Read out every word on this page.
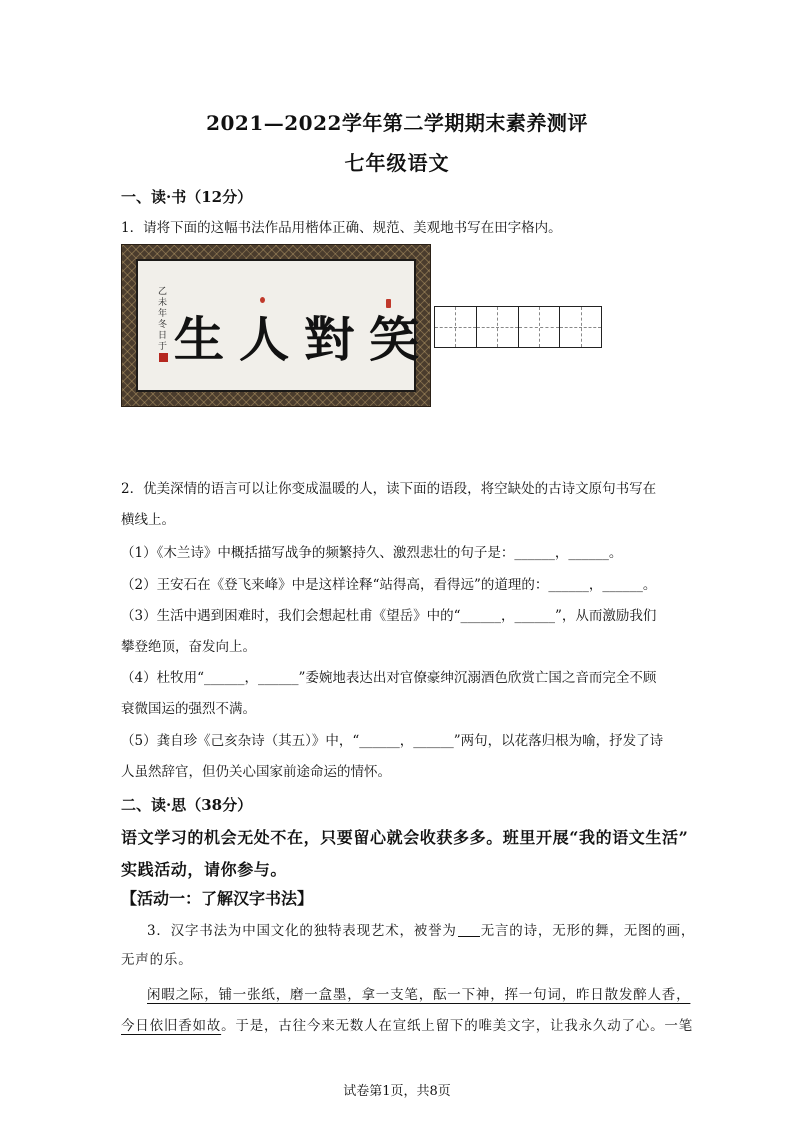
2021—2022学年第二学期期末素养测评
七年级语文
一、读·书（12分）
1．请将下面的这幅书法作品用楷体正确、规范、美观地书写在田字格内。
乙未年冬日于 生人對笑
2．优美深情的语言可以让你变成温暖的人，读下面的语段，将空缺处的古诗文原句书写在
横线上。
（1）《木兰诗》中概括描写战争的频繁持久、激烈悲壮的句子是：______，______。
（2）王安石在《登飞来峰》中是这样诠释“站得高，看得远”的道理的：______，______。
（3）生活中遇到困难时，我们会想起杜甫《望岳》中的“______，______”，从而激励我们
攀登绝顶，奋发向上。
（4）杜牧用“______，______”委婉地表达出对官僚豪绅沉溺酒色欣赏亡国之音而完全不顾
衰微国运的强烈不满。
（5）龚自珍《己亥杂诗（其五）》中，“______，______”两句，以花落归根为喻，抒发了诗
人虽然辞官，但仍关心国家前途命运的情怀。
二、读·思（38分）
语文学习的机会无处不在，只要留心就会收获多多。班里开展“我的语文生活”
实践活动，请你参与。
【活动一：了解汉字书法】
3．汉字书法为中国文化的独特表现艺术，被誉为 无言的诗，无形的舞，无图的画，
无声的乐。
闲暇之际，铺一张纸，磨一盒墨，拿一支笔，酝一下神，挥一句词，昨日散发醉人香，
今日依旧香如故。于是，古往今来无数人在宣纸上留下的唯美文字，让我永久动了心。一笔
试卷第1页，共8页
